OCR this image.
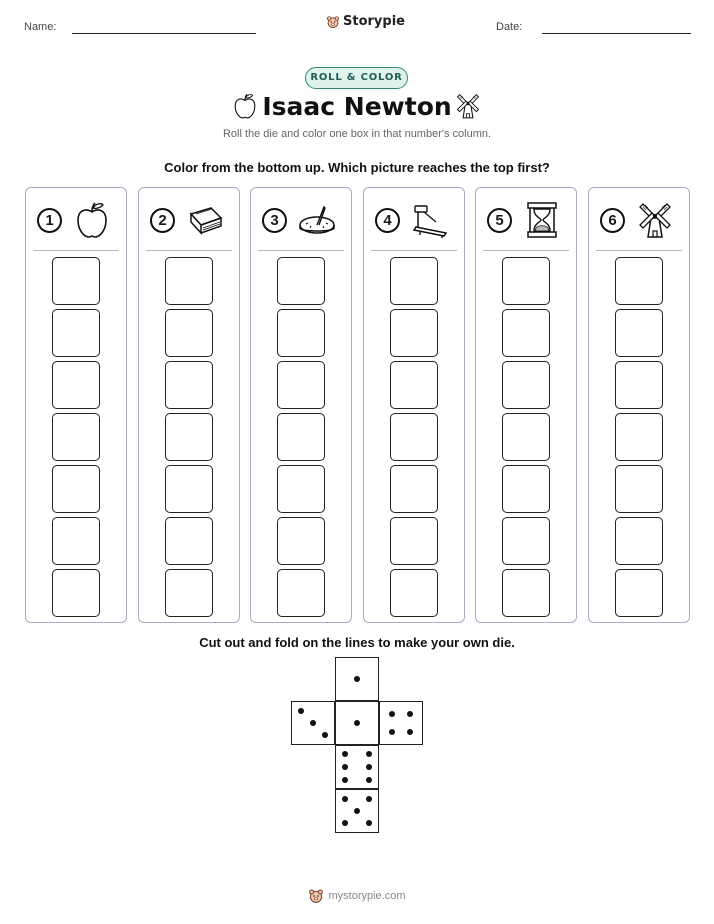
Name:	Storypie	Date:
ROLL & COLOR
Isaac Newton
Roll the die and color one box in that number's column.
Color from the bottom up. Which picture reaches the top first?
1	2	3	4	5	6
Cut out and fold on the lines to make your own die.
mystorypie.com
